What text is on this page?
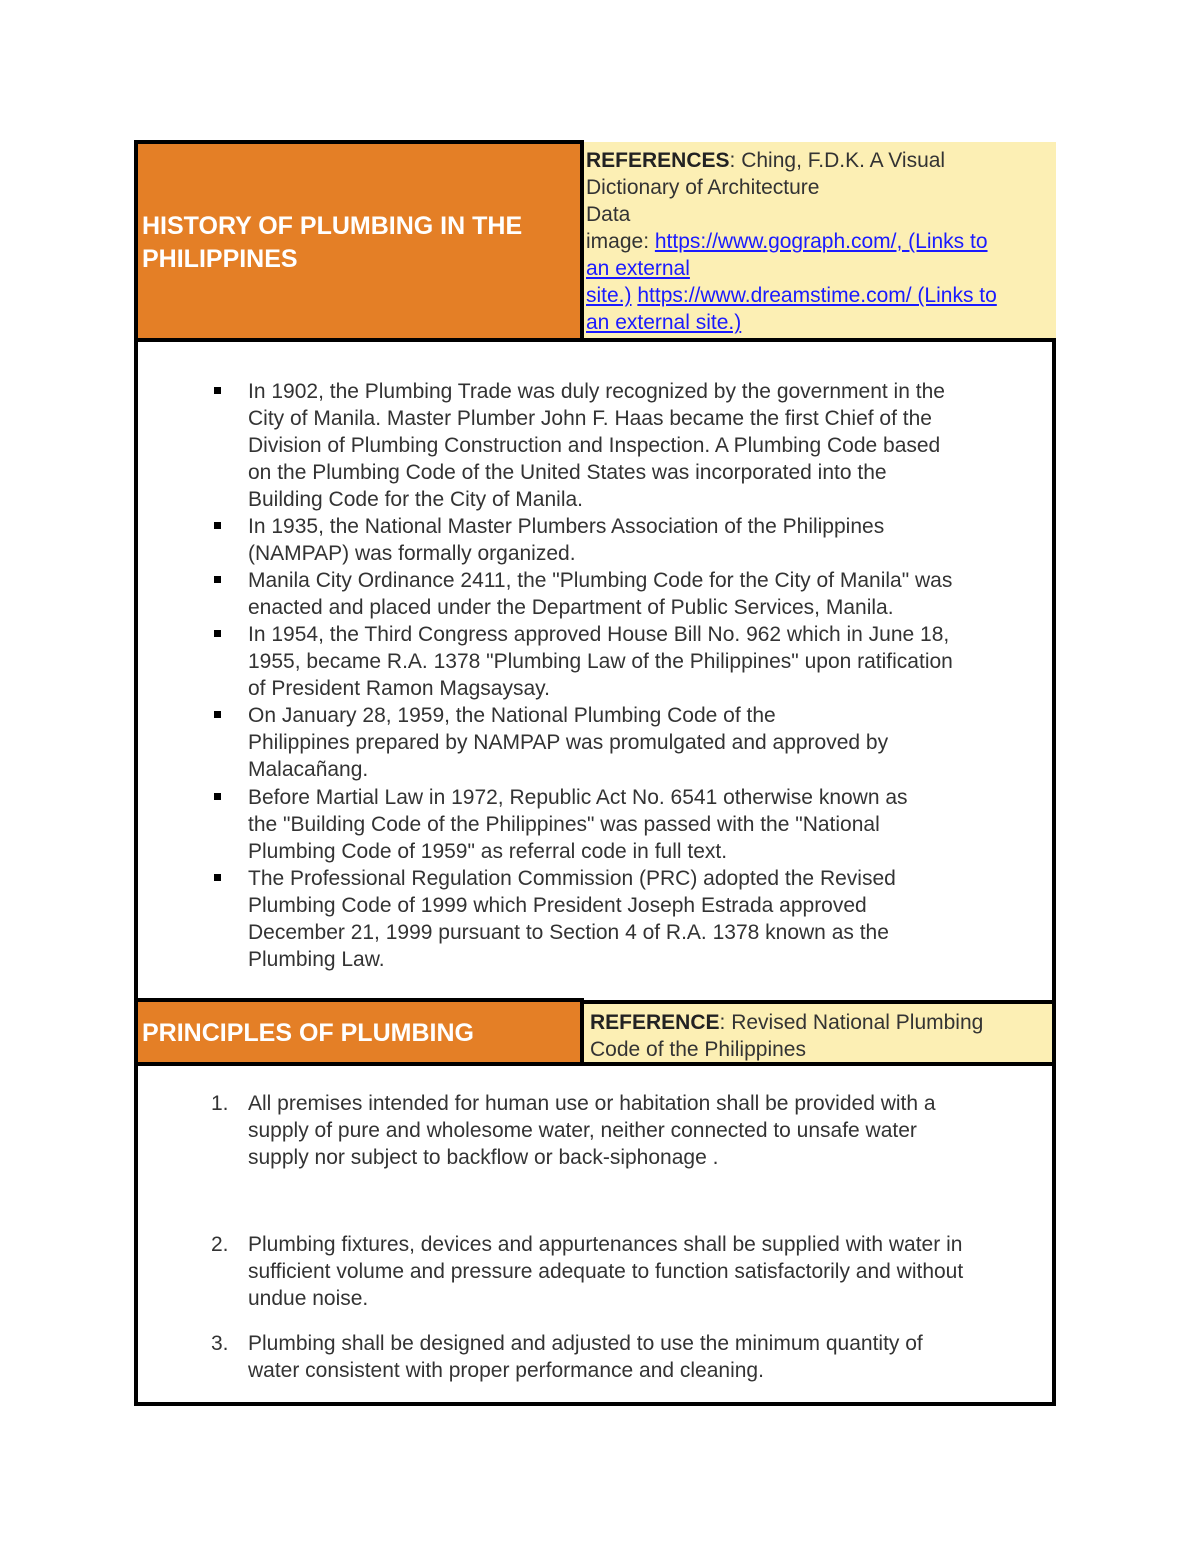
HISTORY OF PLUMBING IN THE
PHILIPPINES
REFERENCES: Ching, F.D.K. A Visual
Dictionary of Architecture
Data
image: https://www.gograph.com/, (Links to
an external
site.) https://www.dreamstime.com/ (Links to
an external site.)
In 1902, the Plumbing Trade was duly recognized by the government in the
City of Manila. Master Plumber John F. Haas became the first Chief of the
Division of Plumbing Construction and Inspection. A Plumbing Code based
on the Plumbing Code of the United States was incorporated into the
Building Code for the City of Manila.
In 1935, the National Master Plumbers Association of the Philippines
(NAMPAP) was formally organized.
Manila City Ordinance 2411, the "Plumbing Code for the City of Manila" was
enacted and placed under the Department of Public Services, Manila.
In 1954, the Third Congress approved House Bill No. 962 which in June 18,
1955, became R.A. 1378 "Plumbing Law of the Philippines" upon ratification
of President Ramon Magsaysay.
On January 28, 1959, the National Plumbing Code of the
Philippines prepared by NAMPAP was promulgated and approved by
Malacañang.
Before Martial Law in 1972, Republic Act No. 6541 otherwise known as
the "Building Code of the Philippines" was passed with the "National
Plumbing Code of 1959" as referral code in full text.
The Professional Regulation Commission (PRC) adopted the Revised
Plumbing Code of 1999 which President Joseph Estrada approved
December 21, 1999 pursuant to Section 4 of R.A. 1378 known as the
Plumbing Law.
PRINCIPLES OF PLUMBING	REFERENCE: Revised National Plumbing
Code of the Philippines
1. All premises intended for human use or habitation shall be provided with a
supply of pure and wholesome water, neither connected to unsafe water
supply nor subject to backflow or back-siphonage .
2. Plumbing fixtures, devices and appurtenances shall be supplied with water in
sufficient volume and pressure adequate to function satisfactorily and without
undue noise.
3. Plumbing shall be designed and adjusted to use the minimum quantity of
water consistent with proper performance and cleaning.
